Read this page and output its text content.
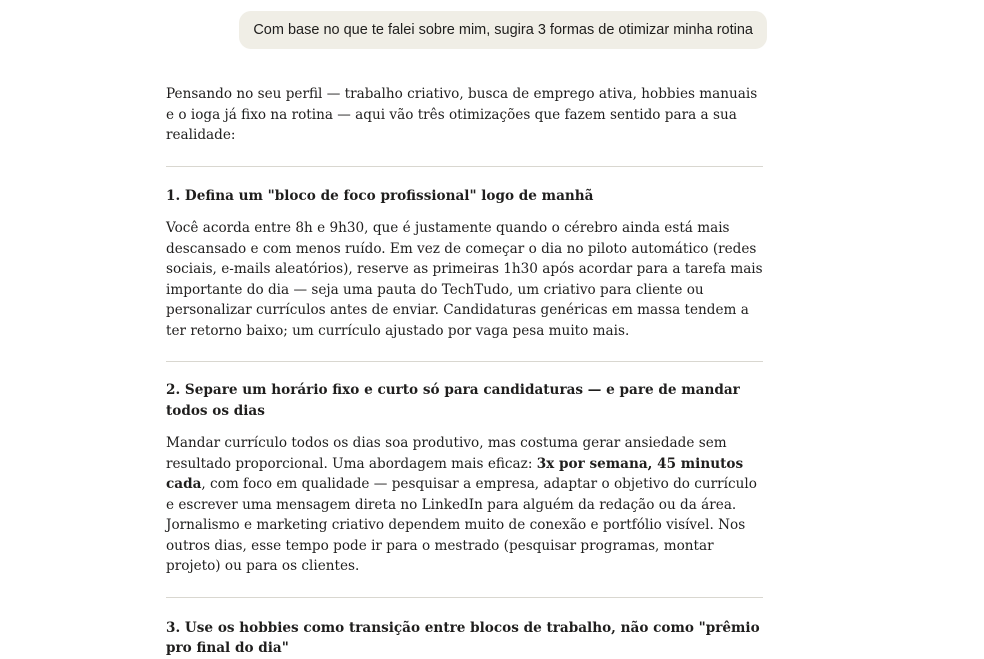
Com base no que te falei sobre mim, sugira 3 formas de otimizar minha rotina

Pensando no seu perfil — trabalho criativo, busca de emprego ativa, hobbies manuais e o ioga já fixo na rotina — aqui vão três otimizações que fazem sentido para a sua realidade:

1. Defina um "bloco de foco profissional" logo de manhã

Você acorda entre 8h e 9h30, que é justamente quando o cérebro ainda está mais descansado e com menos ruído. Em vez de começar o dia no piloto automático (redes sociais, e-mails aleatórios), reserve as primeiras 1h30 após acordar para a tarefa mais importante do dia — seja uma pauta do TechTudo, um criativo para cliente ou personalizar currículos antes de enviar. Candidaturas genéricas em massa tendem a ter retorno baixo; um currículo ajustado por vaga pesa muito mais.

2. Separe um horário fixo e curto só para candidaturas — e pare de mandar todos os dias

Mandar currículo todos os dias soa produtivo, mas costuma gerar ansiedade sem resultado proporcional. Uma abordagem mais eficaz: 3x por semana, 45 minutos cada, com foco em qualidade — pesquisar a empresa, adaptar o objetivo do currículo e escrever uma mensagem direta no LinkedIn para alguém da redação ou da área. Jornalismo e marketing criativo dependem muito de conexão e portfólio visível. Nos outros dias, esse tempo pode ir para o mestrado (pesquisar programas, montar projeto) ou para os clientes.

3. Use os hobbies como transição entre blocos de trabalho, não como "prêmio pro final do dia"
